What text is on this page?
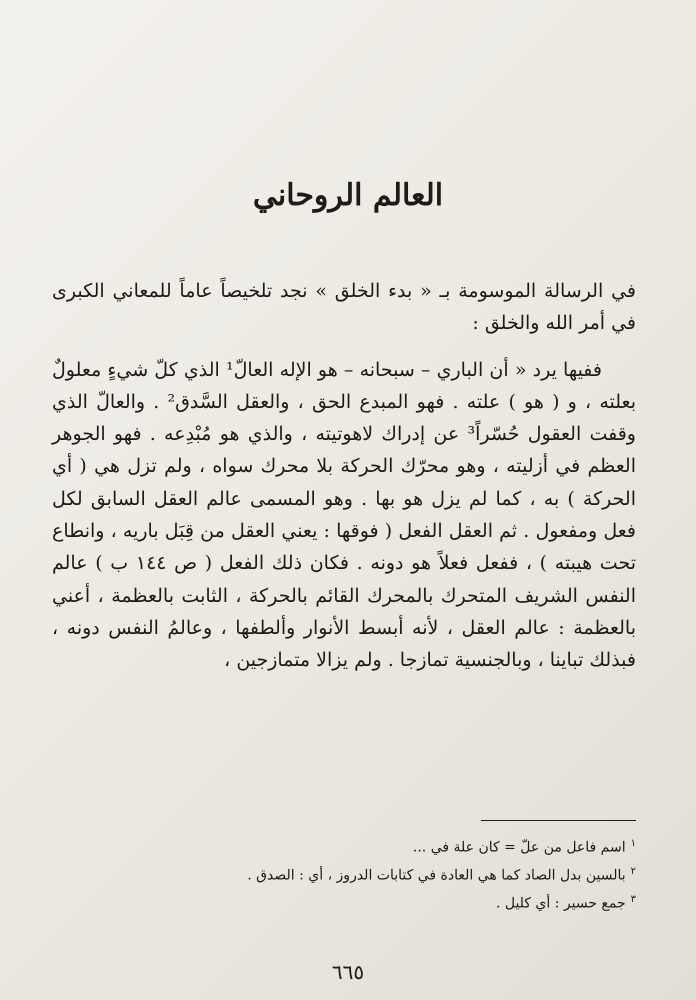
العالم الروحاني

في الرسالة الموسومة بـ « بدء الخلق » نجد تلخيصاً عاماً للمعاني الكبرى في أمر الله والخلق :

ففيها يرد « أن الباري – سبحانه – هو الإله العالّ¹ الذي كلّ شيءٍ معلولٌ بعلته ، و ( هو ) علته . فهو المبدع الحق ، والعقل السَّدق² . والعالّ الذي وقفت العقول حُسّراً³ عن إدراك لاهوتيته ، والذي هو مُبْدِعه . فهو الجوهر العظم في أزليته ، وهو محرّك الحركة بلا محرك سواه ، ولم تزل هي ( أي الحركة ) به ، كما لم يزل هو بها . وهو المسمى عالم العقل السابق لكل فعل ومفعول . ثم العقل الفعل ( فوقها : يعني العقل من قِبَل باريه ، وانطاع تحت هيبته ) ، ففعل فعلاً هو دونه . فكان ذلك الفعل ( ص ١٤٤ ب ) عالم النفس الشريف المتحرك بالمحرك القائم بالحركة ، الثابت بالعظمة ، أعني بالعظمة : عالم العقل ، لأنه أبسط الأنوار وألطفها ، وعالمُ النفس دونه ، فبذلك تباينا ، وبالجنسية تمازجا . ولم يزالا متمازجين ،

$^١$اسم فاعل من علّ = كان علة في ...
$^٢$بالسين بدل الصاد كما هي العادة في كتابات الدروز ، أي : الصدق .
$^٣$جمع حسير : أي كليل .

٦٦٥
